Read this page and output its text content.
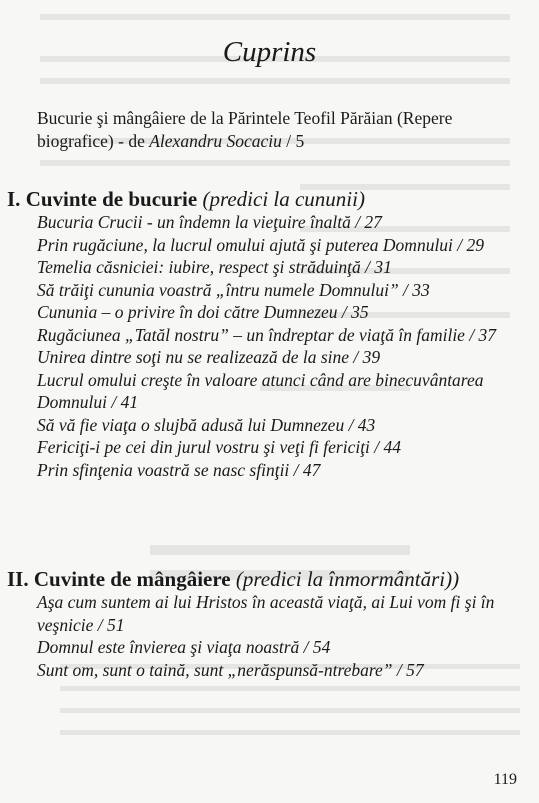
Cuprins
Bucurie şi mângâiere de la Părintele Teofil Părăian (Repere biografice) - de Alexandru Socaciu / 5
I. Cuvinte de bucurie (predici la cununii)

Bucuria Crucii - un îndemn la vieţuire înaltă / 27

Prin rugăciune, la lucrul omului ajută şi puterea Domnului / 29

Temelia căsniciei: iubire, respect şi străduinţă / 31

Să trăiţi cununia voastră „întru numele Domnului” / 33

Cununia – o privire în doi către Dumnezeu / 35

Rugăciunea „Tatăl nostru” – un îndreptar de viaţă în familie / 37

Unirea dintre soţi nu se realizează de la sine / 39

Lucrul omului creşte în valoare atunci când are binecuvântarea Domnului / 41

Să vă fie viaţa o slujbă adusă lui Dumnezeu / 43

Fericiţi-i pe cei din jurul vostru şi veţi fi fericiţi / 44

Prin sfinţenia voastră se nasc sfinţii / 47

II. Cuvinte de mângâiere (predici la înmormântări))

Aşa cum suntem ai lui Hristos în această viaţă, ai Lui vom fi şi în veşnicie / 51

Domnul este învierea şi viaţa noastră / 54

Sunt om, sunt o taină, sunt „nerăspunsă-ntrebare” / 57

119
